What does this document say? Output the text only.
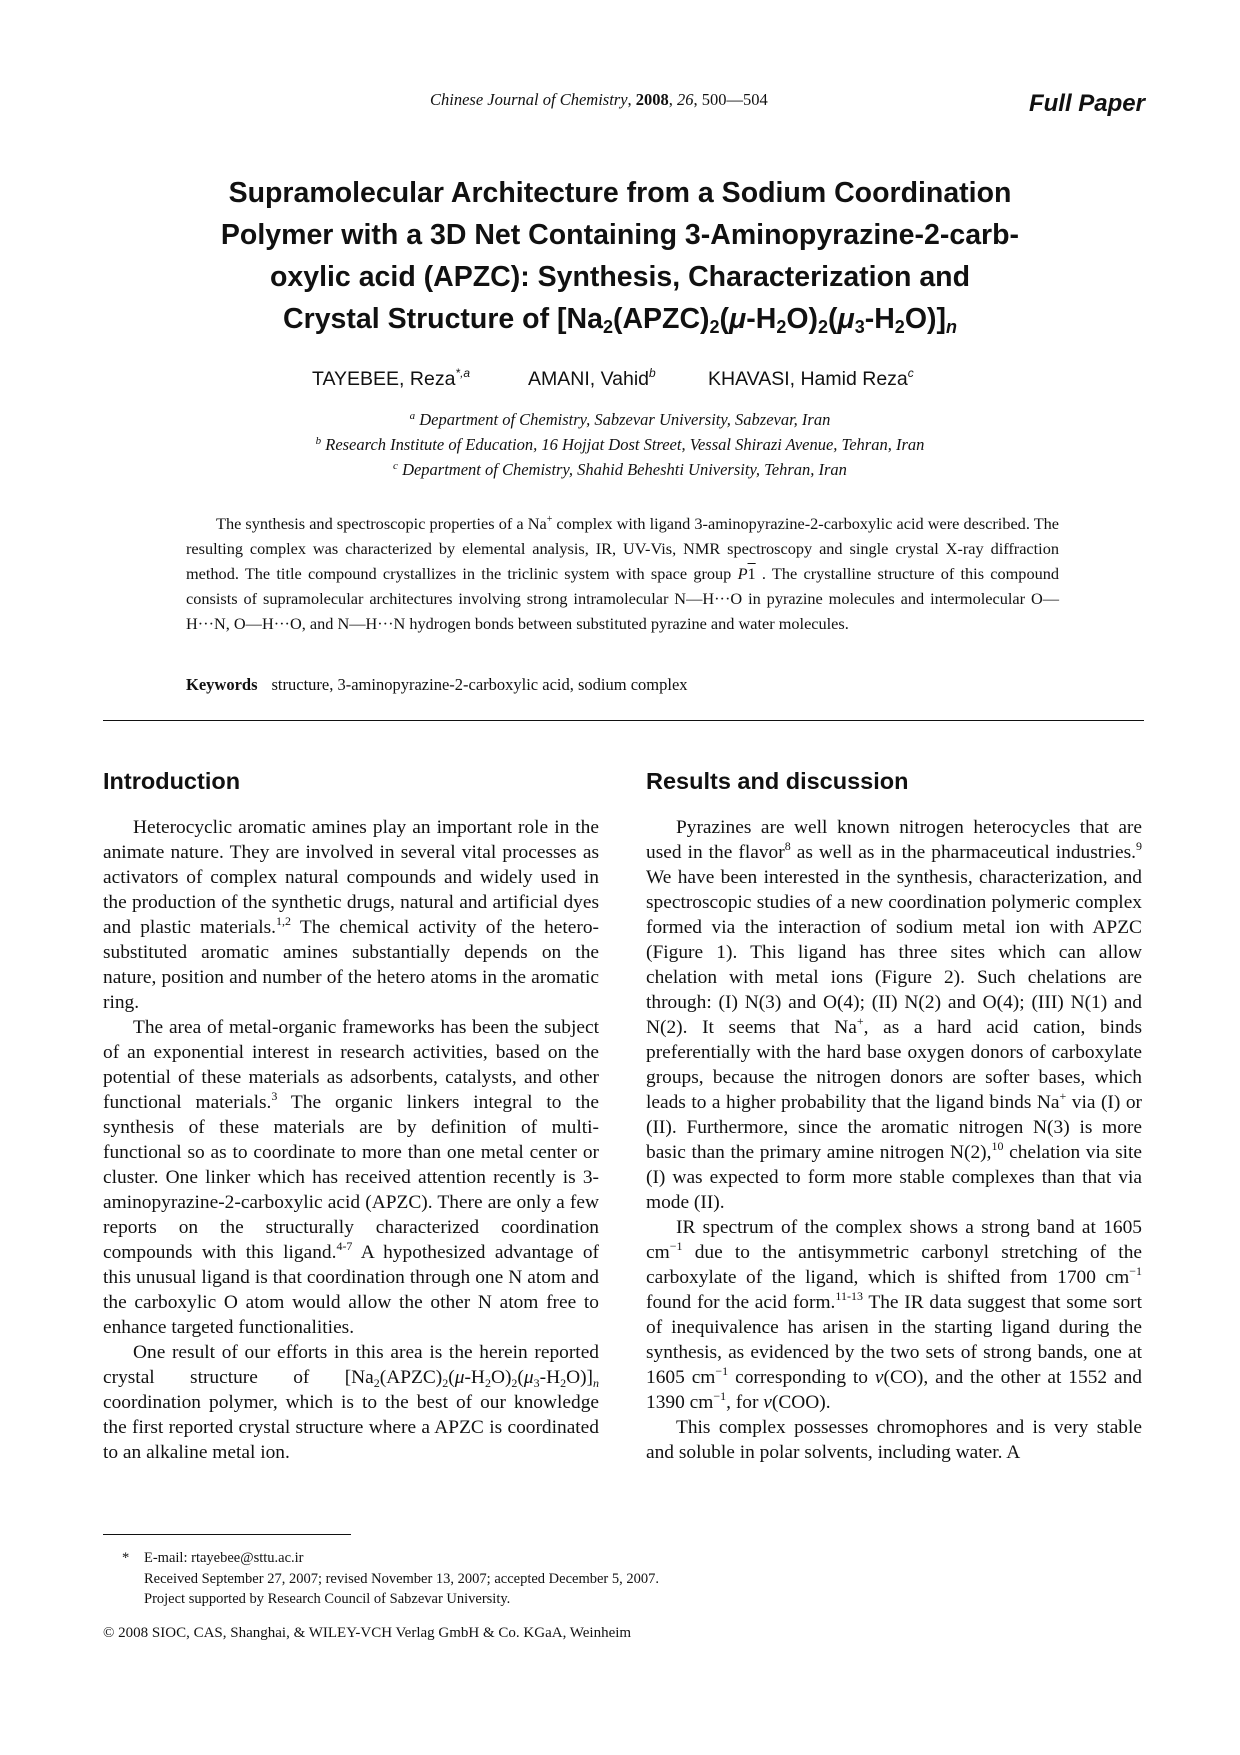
Chinese Journal of Chemistry, 2008, 26, 500—504	Full Paper
Supramolecular Architecture from a Sodium Coordination
Polymer with a 3D Net Containing 3-Aminopyrazine-2-carb-
oxylic acid (APZC): Synthesis, Characterization and
Crystal Structure of $[Na_2(APZC)_2(\mu-H_2O)_2(\mu_3-H_2O)]_n$
TAYEBEE, Reza$^{*,a}$	AMANI, Vahid$^b$	KHAVASI, Hamid Reza$^c$
$^a$ Department of Chemistry, Sabzevar University, Sabzevar, Iran
$^b$ Research Institute of Education, 16 Hojjat Dost Street, Vessal Shirazi Avenue, Tehran, Iran
$^c$ Department of Chemistry, Shahid Beheshti University, Tehran, Iran

The synthesis and spectroscopic properties of a Na+ complex with ligand 3-aminopyrazine-2-carboxylic acid were described. The resulting complex was characterized by elemental analysis, IR, UV-Vis, NMR spectroscopy and single crystal X-ray diffraction method. The title compound crystallizes in the triclinic system with space group P1 . The crystalline structure of this compound consists of supramolecular architectures involving strong intramolecular N—H···O in pyrazine molecules and intermolecular O—H···N, O—H···O, and N—H···N hydrogen bonds between substituted pyrazine and water molecules.

Keywords structure, 3-aminopyrazine-2-carboxylic acid, sodium complex
Introduction

Heterocyclic aromatic amines play an important role in the animate nature. They are involved in several vital processes as activators of complex natural compounds and widely used in the production of the synthetic drugs, natural and artificial dyes and plastic materials.$^{1,2}$ The chemical activity of the hetero-substituted aromatic amines substantially depends on the nature, position and number of the hetero atoms in the aromatic ring.

The area of metal-organic frameworks has been the subject of an exponential interest in research activities, based on the potential of these materials as adsorbents, catalysts, and other functional materials.$^3$ The organic linkers integral to the synthesis of these materials are by definition of multi-functional so as to coordinate to more than one metal center or cluster. One linker which has received attention recently is 3-aminopyrazine-2-carboxylic acid (APZC). There are only a few reports on the structurally characterized coordination compounds with this ligand.$^{4-7}$ A hypothesized advantage of this unusual ligand is that coordination through one N atom and the carboxylic O atom would allow the other N atom free to enhance targeted functionalities.

One result of our efforts in this area is the herein reported crystal structure of $[Na_2(APZC)_2(\mu-H_2O)_2(\mu_3-H_2O)]_n$ coordination polymer, which is to the best of our knowledge the first reported crystal structure where a APZC is coordinated to an alkaline metal ion.

Results and discussion

Pyrazines are well known nitrogen heterocycles that are used in the flavor$^8$ as well as in the pharmaceutical industries.$^9$ We have been interested in the synthesis, characterization, and spectroscopic studies of a new coordination polymeric complex formed via the interaction of sodium metal ion with APZC (Figure 1). This ligand has three sites which can allow chelation with metal ions (Figure 2). Such chelations are through: (I) N(3) and O(4); (II) N(2) and O(4); (III) N(1) and N(2). It seems that Na+, as a hard acid cation, binds preferentially with the hard base oxygen donors of carboxylate groups, because the nitrogen donors are softer bases, which leads to a higher probability that the ligand binds Na+ via (I) or (II). Furthermore, since the aromatic nitrogen N(3) is more basic than the primary amine nitrogen N(2),$^{10}$ chelation via site (I) was expected to form more stable complexes than that via mode (II).

IR spectrum of the complex shows a strong band at 1605 $cm^{-1}$ due to the antisymmetric carbonyl stretching of the carboxylate of the ligand, which is shifted from 1700 $cm^{-1}$ found for the acid form.$^{11-13}$ The IR data suggest that some sort of inequivalence has arisen in the starting ligand during the synthesis, as evidenced by the two sets of strong bands, one at 1605 $cm^{-1}$ corresponding to ν(CO), and the other at 1552 and 1390 $cm^{-1}$, for ν(COO).

This complex possesses chromophores and is very stable and soluble in polar solvents, including water. A

* E-mail: rtayebee@sttu.ac.ir
Received September 27, 2007; revised November 13, 2007; accepted December 5, 2007.
Project supported by Research Council of Sabzevar University.
© 2008 SIOC, CAS, Shanghai, & WILEY-VCH Verlag GmbH & Co. KGaA, Weinheim
